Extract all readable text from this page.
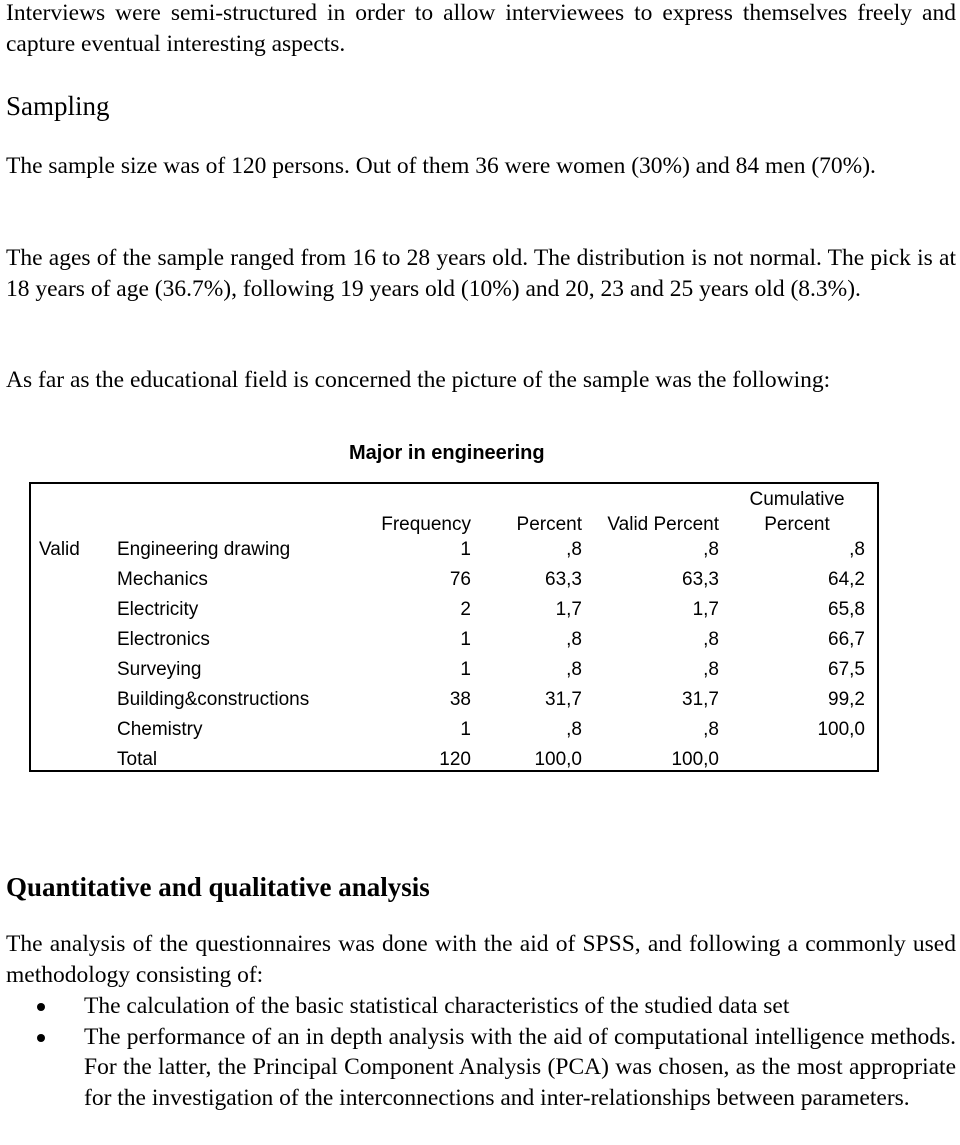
Interviews were semi-structured in order to allow interviewees to express themselves freely and capture eventual interesting aspects.

Sampling

The sample size was of 120 persons. Out of them 36 were women (30%) and 84 men (70%).

The ages of the sample ranged from 16 to 28 years old. The distribution is not normal. The pick is at 18 years of age (36.7%), following 19 years old (10%) and 20, 23 and 25 years old (8.3%).

As far as the educational field is concerned the picture of the sample was the following:

Major in engineering
Frequency	Percent	Valid Percent
Cumulative
Percent
Valid Engineering drawing	1	,8	,8	,8
Mechanics	76	63,3	63,3	64,2
Electricity	2	1,7	1,7	65,8
Electronics	1	,8	,8	66,7
Surveying	1	,8	,8	67,5
Building&constructions	38	31,7	31,7	99,2
Chemistry	1	,8	,8	100,0
Total	120	100,0	100,0
Quantitative and qualitative analysis

The analysis of the questionnaires was done with the aid of SPSS, and following a commonly used methodology consisting of:

The calculation of the basic statistical characteristics of the studied data set
The performance of an in depth analysis with the aid of computational intelligence methods. For the latter, the Principal Component Analysis (PCA) was chosen, as the most appropriate for the investigation of the interconnections and inter-relationships between parameters.
